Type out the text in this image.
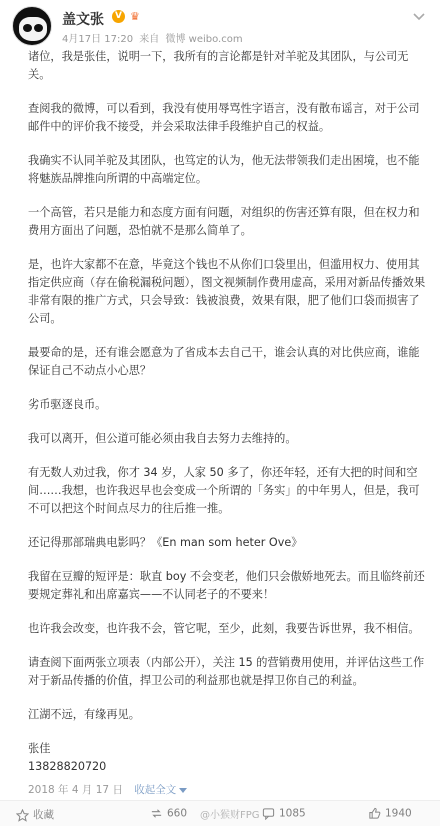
盖文张	V ♛
4月17日 17:20 来自 微博 weibo.com

诸位，我是张佳，说明一下，我所有的言论都是针对羊驼及其团队，与公司无关。

查阅我的微博，可以看到，我没有使用辱骂性字语言，没有散布谣言，对于公司邮件中的评价我不接受，并会采取法律手段维护自己的权益。

我确实不认同羊驼及其团队，也笃定的认为，他无法带领我们走出困境，也不能将魅族品牌推向所谓的中高端定位。

一个高管，若只是能力和态度方面有问题，对组织的伤害还算有限，但在权力和费用方面出了问题，恐怕就不是那么简单了。

是，也许大家都不在意，毕竟这个钱也不从你们口袋里出，但滥用权力、使用其指定供应商（存在偷税漏税问题），图文视频制作费用虚高，采用对新品传播效果非常有限的推广方式，只会导致：钱被浪费，效果有限，肥了他们口袋而损害了公司。

最要命的是，还有谁会愿意为了省成本去自己干，谁会认真的对比供应商，谁能保证自己不动点小心思？

劣币驱逐良币。

我可以离开，但公道可能必须由我自去努力去维持的。

有无数人劝过我，你才 34 岁，人家 50 多了，你还年轻，还有大把的时间和空间……我想，也许我迟早也会变成一个所谓的「务实」的中年男人，但是，我可不可以把这个时间点尽力的往后推一推。

还记得那部瑞典电影吗？《En man som heter Ove》

我留在豆瓣的短评是：耿直 boy 不会变老，他们只会傲娇地死去。而且临终前还要规定葬礼和出席嘉宾——不认同老子的不要来！

也许我会改变，也许我不会，管它呢，至少，此刻，我要告诉世界，我不相信。

请查阅下面两张立项表（内部公开），关注 15 的营销费用使用，并评估这些工作对于新品传播的价值，捍卫公司的利益那也就是捍卫你自己的利益。

江湖不远，有缘再见。

张佳

13828820720

2018 年 4 月 17 日 收起全文
收藏	660	1085	1940
@小猴财FPG
